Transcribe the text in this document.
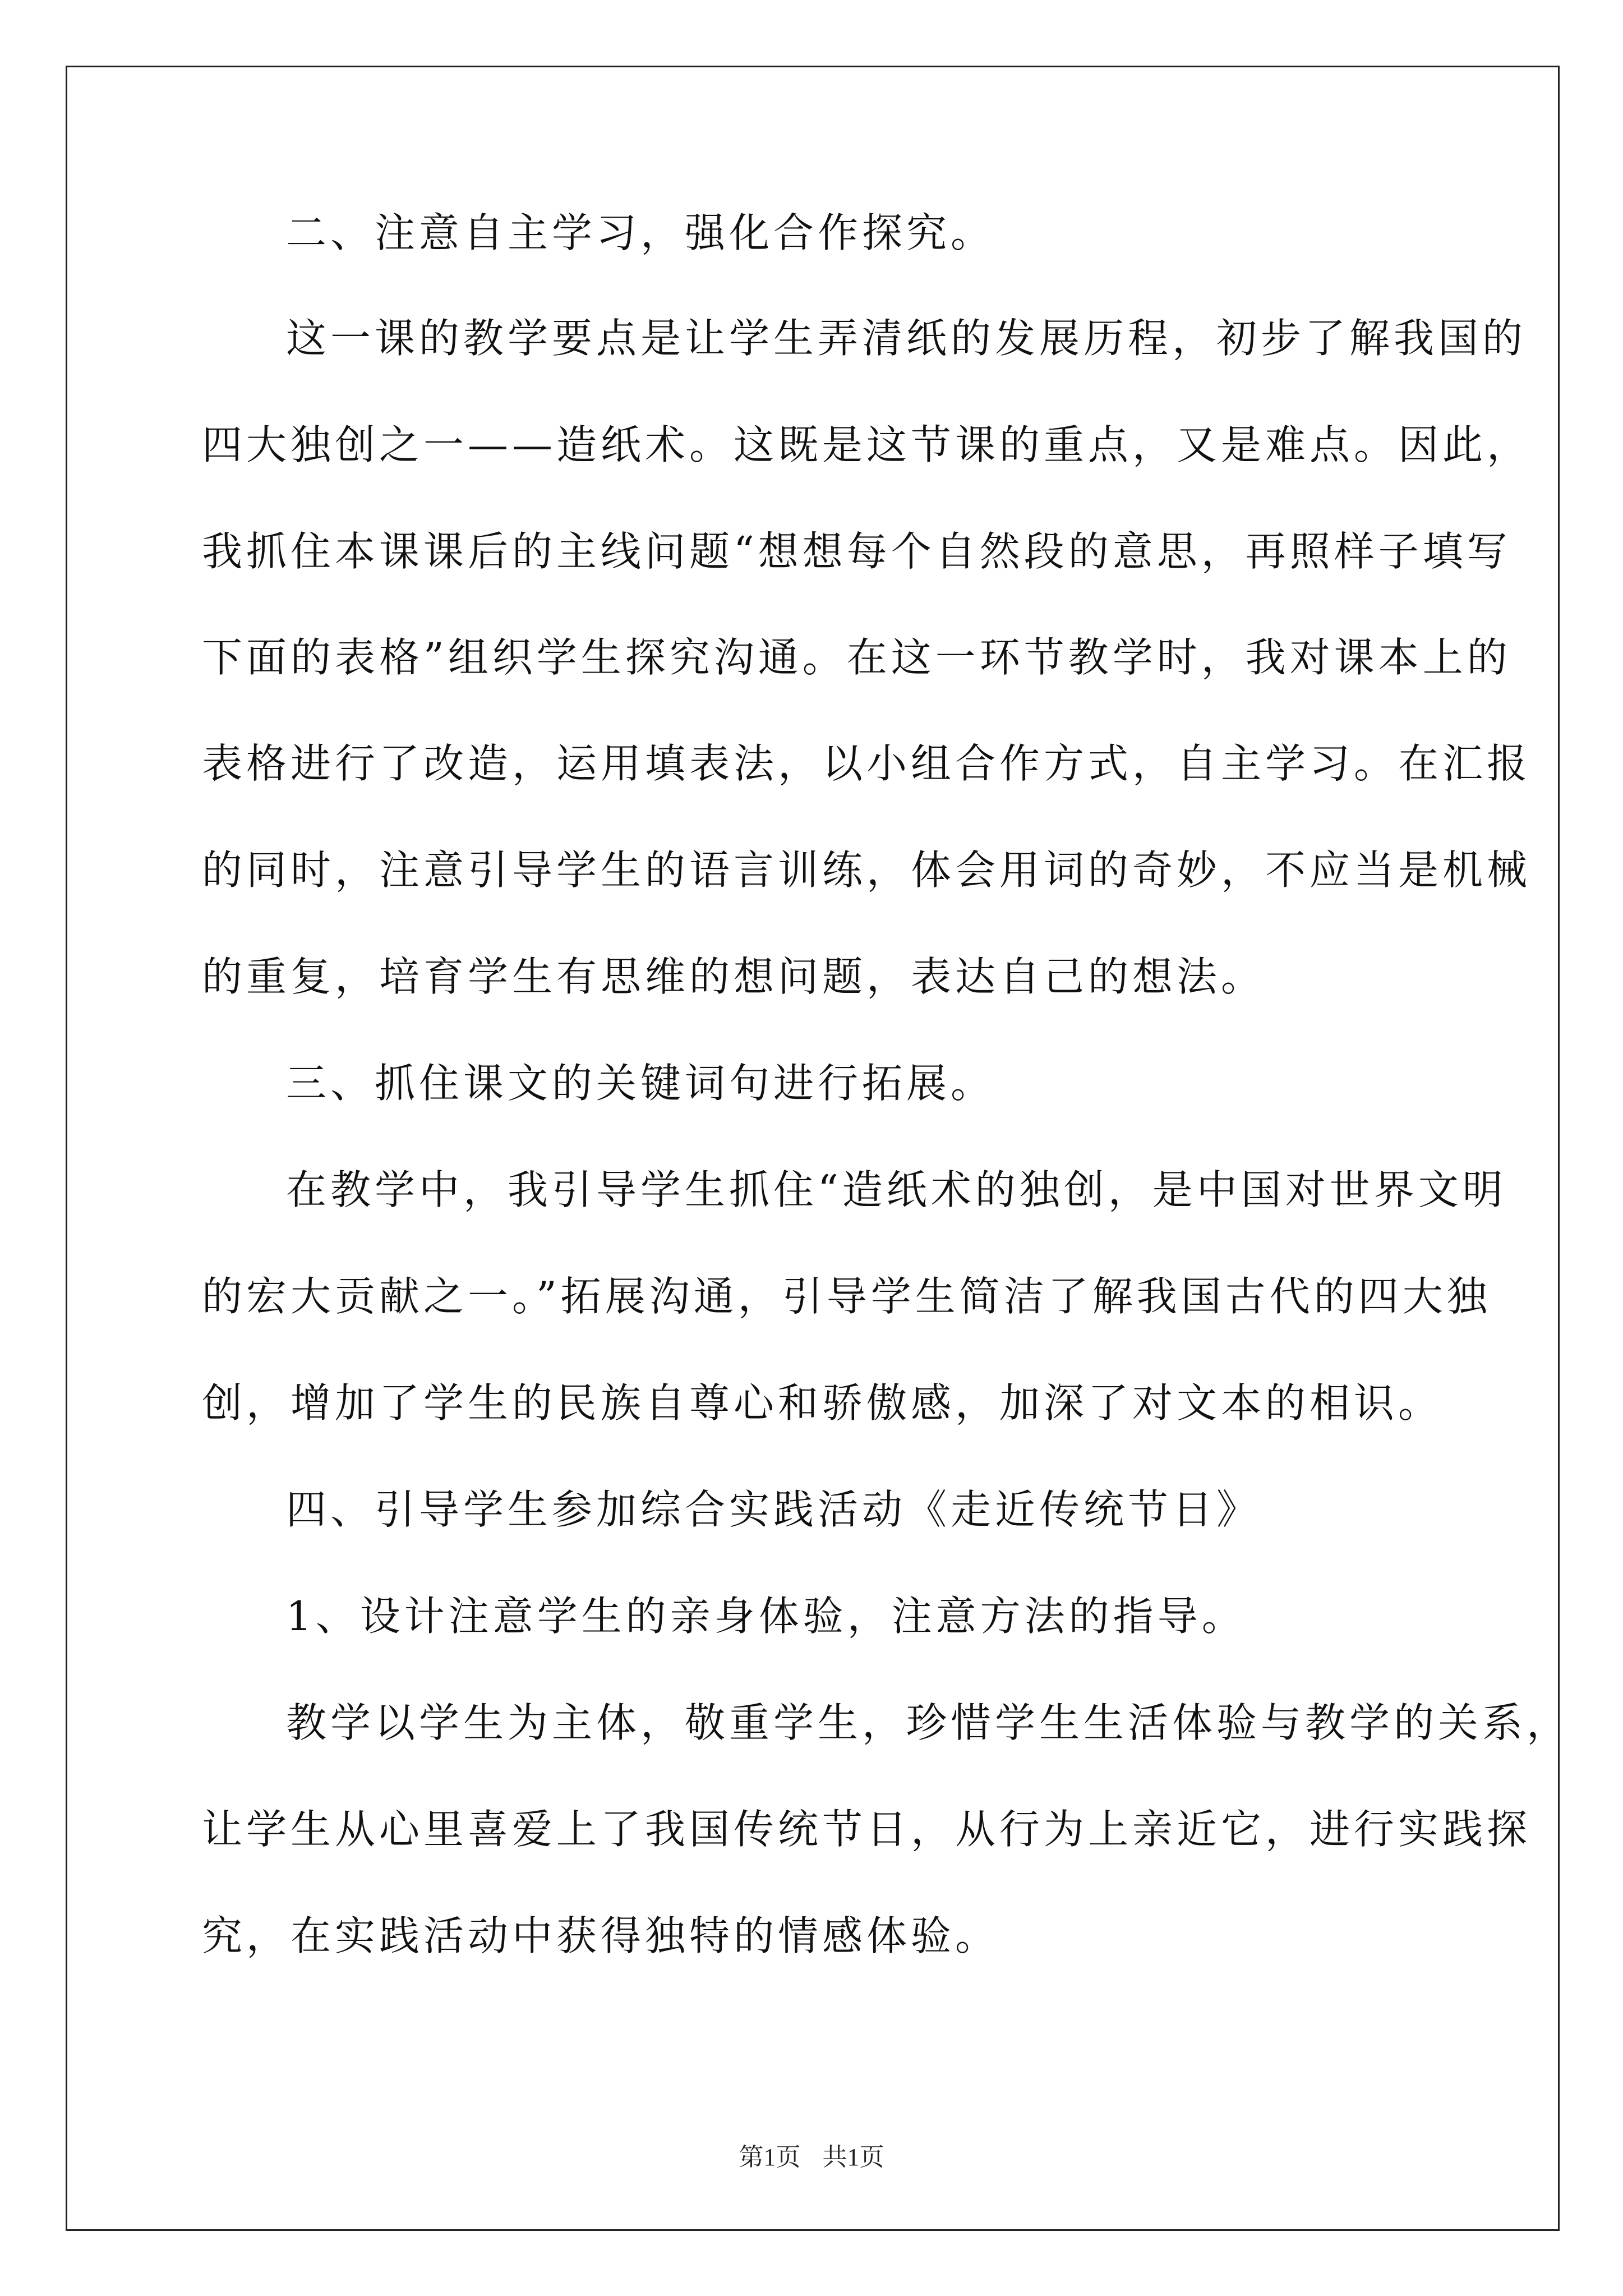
二、注意自主学习，强化合作探究。
这一课的教学要点是让学生弄清纸的发展历程，初步了解我国的
四大独创之一——造纸术。这既是这节课的重点，又是难点。因此，
我抓住本课课后的主线问题“想想每个自然段的意思，再照样子填写
下面的表格”组织学生探究沟通。在这一环节教学时，我对课本上的
表格进行了改造，运用填表法，以小组合作方式，自主学习。在汇报
的同时，注意引导学生的语言训练，体会用词的奇妙，不应当是机械
的重复，培育学生有思维的想问题，表达自己的想法。
三、抓住课文的关键词句进行拓展。
在教学中，我引导学生抓住“造纸术的独创，是中国对世界文明
的宏大贡献之一。”拓展沟通，引导学生简洁了解我国古代的四大独
创，增加了学生的民族自尊心和骄傲感，加深了对文本的相识。
四、引导学生参加综合实践活动《走近传统节日》
1、设计注意学生的亲身体验，注意方法的指导。
教学以学生为主体，敬重学生，珍惜学生生活体验与教学的关系，
让学生从心里喜爱上了我国传统节日，从行为上亲近它，进行实践探
究，在实践活动中获得独特的情感体验。
第1页 共1页
